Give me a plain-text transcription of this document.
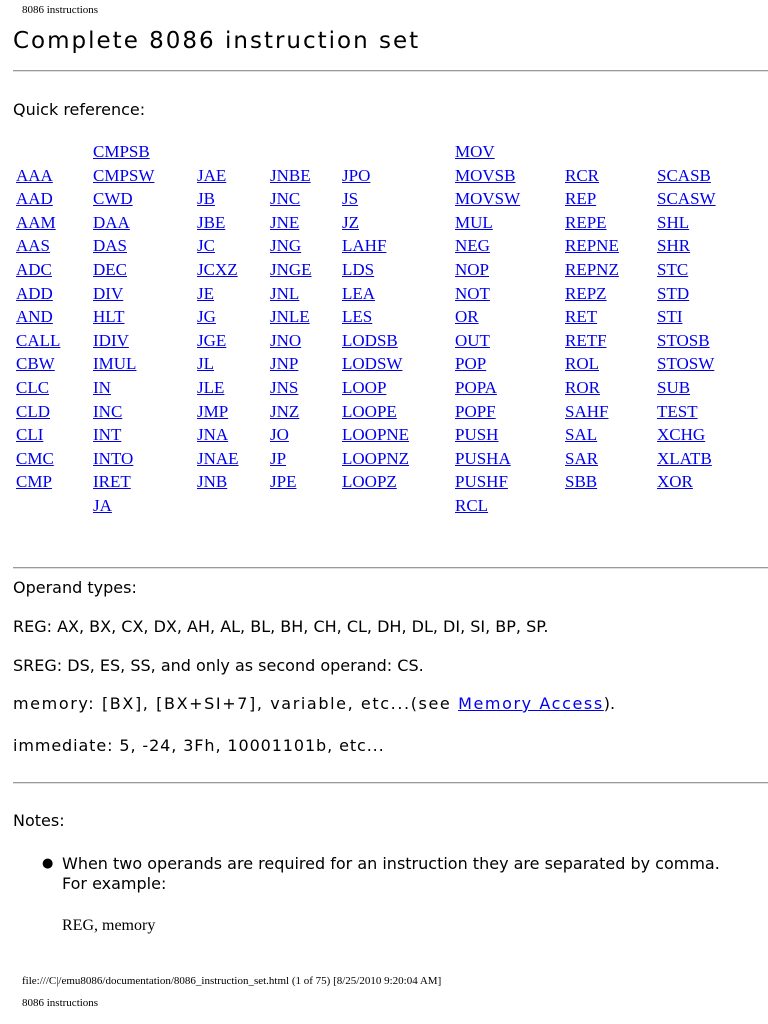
8086 instructions
Complete 8086 instruction set

Quick reference:

AAA
AAD
AAM
AAS
ADC
ADD
AND
CALL
CBW
CLC
CLD
CLI
CMC
CMP
CMPSB
CMPSW
CWD
DAA
DAS
DEC
DIV
HLT
IDIV
IMUL
IN
INC
INT
INTO
IRET
JA
JAE
JB
JBE
JC
JCXZ
JE
JG
JGE
JL
JLE
JMP
JNA
JNAE
JNB
JNBE
JNC
JNE
JNG
JNGE
JNL
JNLE
JNO
JNP
JNS
JNZ
JO
JP
JPE
JPO
JS
JZ
LAHF
LDS
LEA
LES
LODSB
LODSW
LOOP
LOOPE
LOOPNE
LOOPNZ
LOOPZ
MOV
MOVSB
MOVSW
MUL
NEG
NOP
NOT
OR
OUT
POP
POPA
POPF
PUSH
PUSHA
PUSHF
RCL
RCR
REP
REPE
REPNE
REPNZ
REPZ
RET
RETF
ROL
ROR
SAHF
SAL
SAR
SBB
SCASB
SCASW
SHL
SHR
STC
STD
STI
STOSB
STOSW
SUB
TEST
XCHG
XLATB
XOR

Operand types:

REG: AX, BX, CX, DX, AH, AL, BL, BH, CH, CL, DH, DL, DI, SI, BP, SP.

SREG: DS, ES, SS, and only as second operand: CS.

memory: [BX], [BX+SI+7], variable, etc...(see Memory Access).

immediate: 5, -24, 3Fh, 10001101b, etc...

Notes:

● When two operands are required for an instruction they are separated by comma. For example:
REG, memory
file:///C|/emu8086/documentation/8086_instruction_set.html (1 of 75) [8/25/2010 9:20:04 AM]
8086 instructions
